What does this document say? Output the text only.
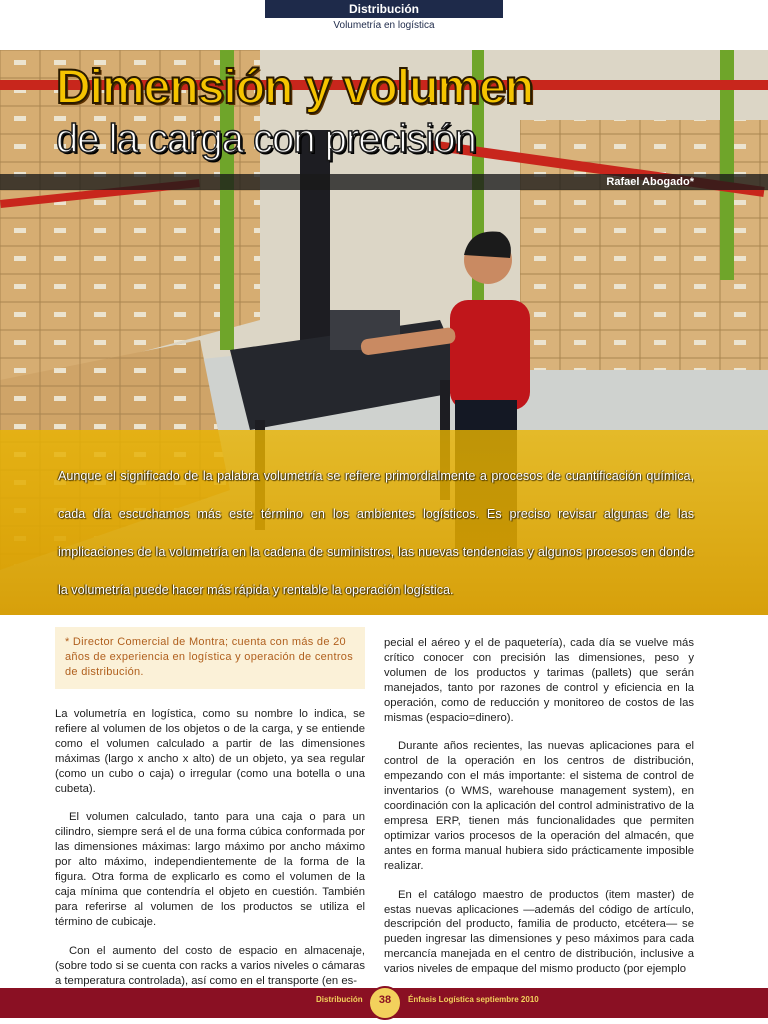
Distribución
Volumetría en logística
Dimensión y volumen
de la carga con precisión
Rafael Abogado*
Aunque el significado de la palabra volumetría se refiere primordialmente a procesos de cuantificación química, cada día escuchamos más este término en los ambientes logísticos. Es preciso revisar algunas de las implicaciones de la volumetría en la cadena de suministros, las nuevas tendencias y algunos procesos en donde la volumetría puede hacer más rápida y rentable la operación logística.

* Director Comercial de Montra; cuenta con más de 20 años de experiencia en logística y operación de centros de distribución.

La volumetría en logística, como su nombre lo indica, se refiere al volumen de los objetos o de la carga, y se entiende como el volumen calculado a partir de las dimensiones máximas (largo x ancho x alto) de un objeto, ya sea regular (como un cubo o caja) o irregular (como una botella o una cubeta).

El volumen calculado, tanto para una caja o para un cilindro, siempre será el de una forma cúbica conformada por las dimensiones máximas: largo máximo por ancho máximo por alto máximo, independientemente de la forma de la figura. Otra forma de explicarlo es como el volumen de la caja mínima que contendría el objeto en cuestión. También para referirse al volumen de los productos se utiliza el término de cubicaje.

Con el aumento del costo de espacio en almacenaje, (sobre todo si se cuenta con racks a varios niveles o cámaras a temperatura controlada), así como en el transporte (en es-

pecial el aéreo y el de paquetería), cada día se vuelve más crítico conocer con precisión las dimensiones, peso y volumen de los productos y tarimas (pallets) que serán manejados, tanto por razones de control y eficiencia en la operación, como de reducción y monitoreo de costos de las mismas (espacio=dinero).

Durante años recientes, las nuevas aplicaciones para el control de la operación en los centros de distribución, empezando con el más importante: el sistema de control de inventarios (o WMS, warehouse management system), en coordinación con la aplicación del control administrativo de la empresa ERP, tienen más funcionalidades que permiten optimizar varios procesos de la operación del almacén, que antes en forma manual hubiera sido prácticamente imposible realizar.

En el catálogo maestro de productos (item master) de estas nuevas aplicaciones —además del código de artículo, descripción del producto, familia de producto, etcétera— se pueden ingresar las dimensiones y peso máximos para cada mercancía manejada en el centro de distribución, inclusive a varios niveles de empaque del mismo producto (por ejemplo

Distribución	38	Énfasis Logística septiembre 2010
